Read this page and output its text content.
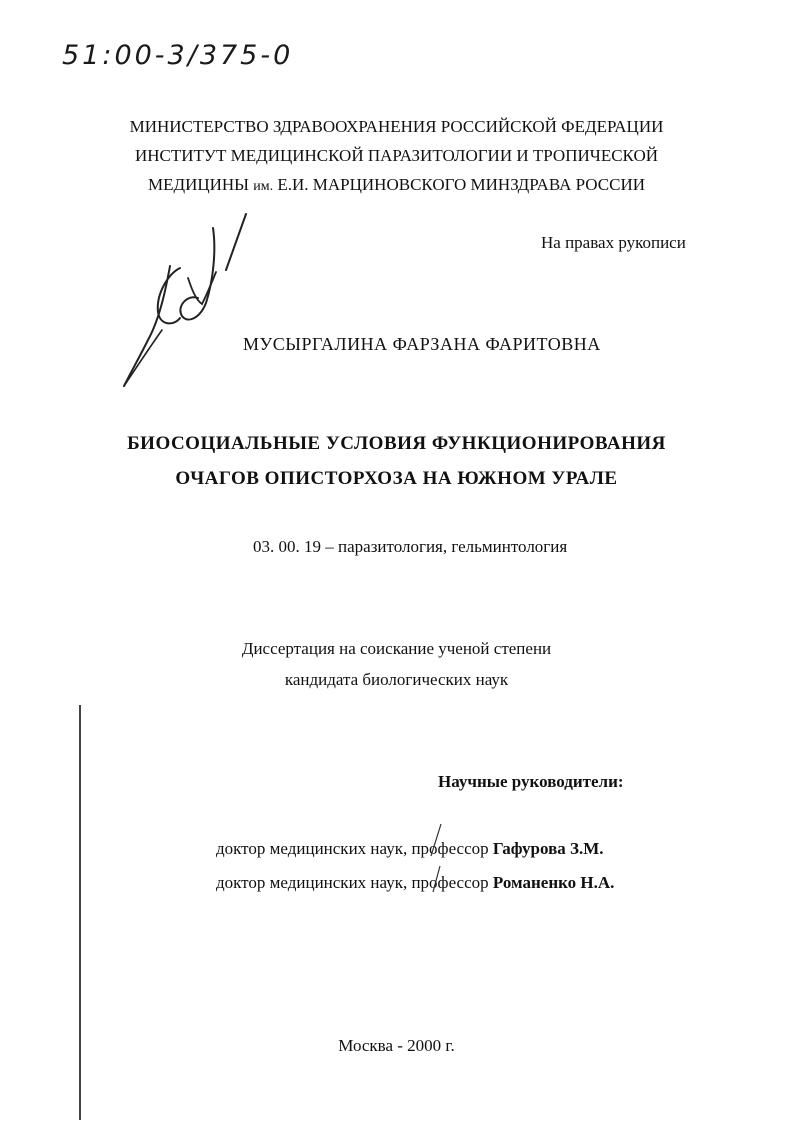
51:00-3/375-0
МИНИСТЕРСТВО ЗДРАВООХРАНЕНИЯ РОССИЙСКОЙ ФЕДЕРАЦИИ
ИНСТИТУТ МЕДИЦИНСКОЙ ПАРАЗИТОЛОГИИ И ТРОПИЧЕСКОЙ
МЕДИЦИНЫ им. Е.И. МАРЦИНОВСКОГО МИНЗДРАВА РОССИИ
На правах рукописи
МУСЫРГАЛИНА ФАРЗАНА ФАРИТОВНА
БИОСОЦИАЛЬНЫЕ УСЛОВИЯ ФУНКЦИОНИРОВАНИЯ
ОЧАГОВ ОПИСТОРХОЗА НА ЮЖНОМ УРАЛЕ
03. 00. 19 – паразитология, гельминтология
Диссертация на соискание ученой степени
кандидата биологических наук
Научные руководители:
доктор медицинских наук, профессор Гафурова З.М.
доктор медицинских наук, профессор Романенко Н.А.
Москва - 2000 г.
